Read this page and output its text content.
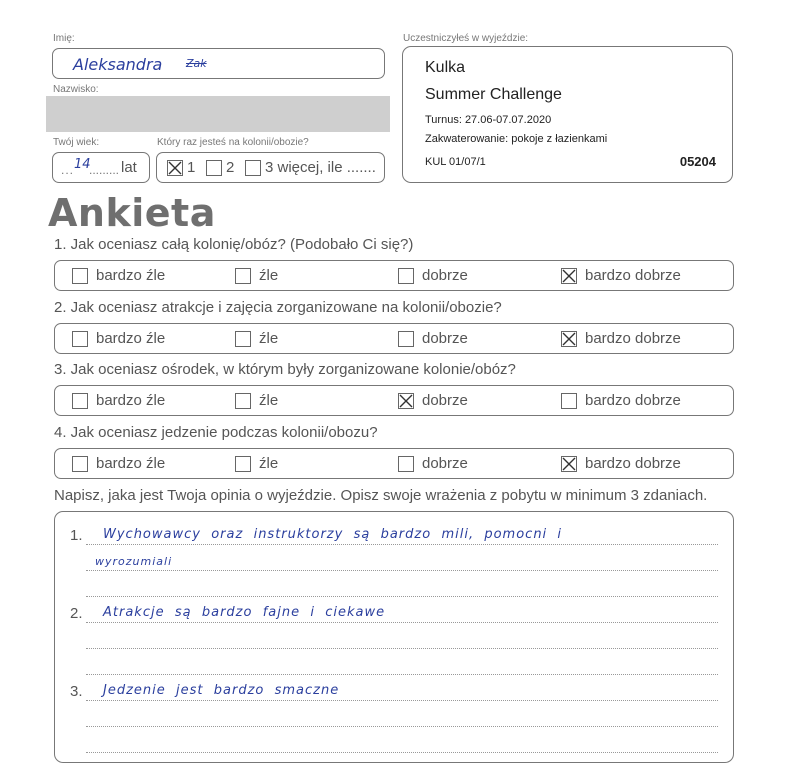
Imię:
Aleksandra Zak
Nazwisko:
Twój wiek:	Który raz jesteś na kolonii/obozie?
... 14
......... lat	1 2 3 więcej, ile .......
Uczestniczyłeś w wyjeździe:
Kulka
Summer Challenge
Turnus: 27.06-07.07.2020
Zakwaterowanie: pokoje z łazienkami
KUL 01/07/1	05204
Ankieta
1. Jak oceniasz całą kolonię/obóz? (Podobało Ci się?)
bardzo źle	źle	dobrze	bardzo dobrze
2. Jak oceniasz atrakcje i zajęcia zorganizowane na kolonii/obozie?
bardzo źle	źle	dobrze	bardzo dobrze
3. Jak oceniasz ośrodek, w którym były zorganizowane kolonie/obóz?
bardzo źle	źle	dobrze	bardzo dobrze
4. Jak oceniasz jedzenie podczas kolonii/obozu?
bardzo źle	źle	dobrze	bardzo dobrze
Napisz, jaka jest Twoja opinia o wyjeździe. Opisz swoje wrażenia z pobytu w minimum 3 zdaniach.
1. Wychowawcy  oraz  instruktorzy  są  bardzo  mili,  pomocni  i
wyrozumiali
2. Atrakcje  są  bardzo  fajne  i  ciekawe
3. Jedzenie  jest  bardzo  smaczne
